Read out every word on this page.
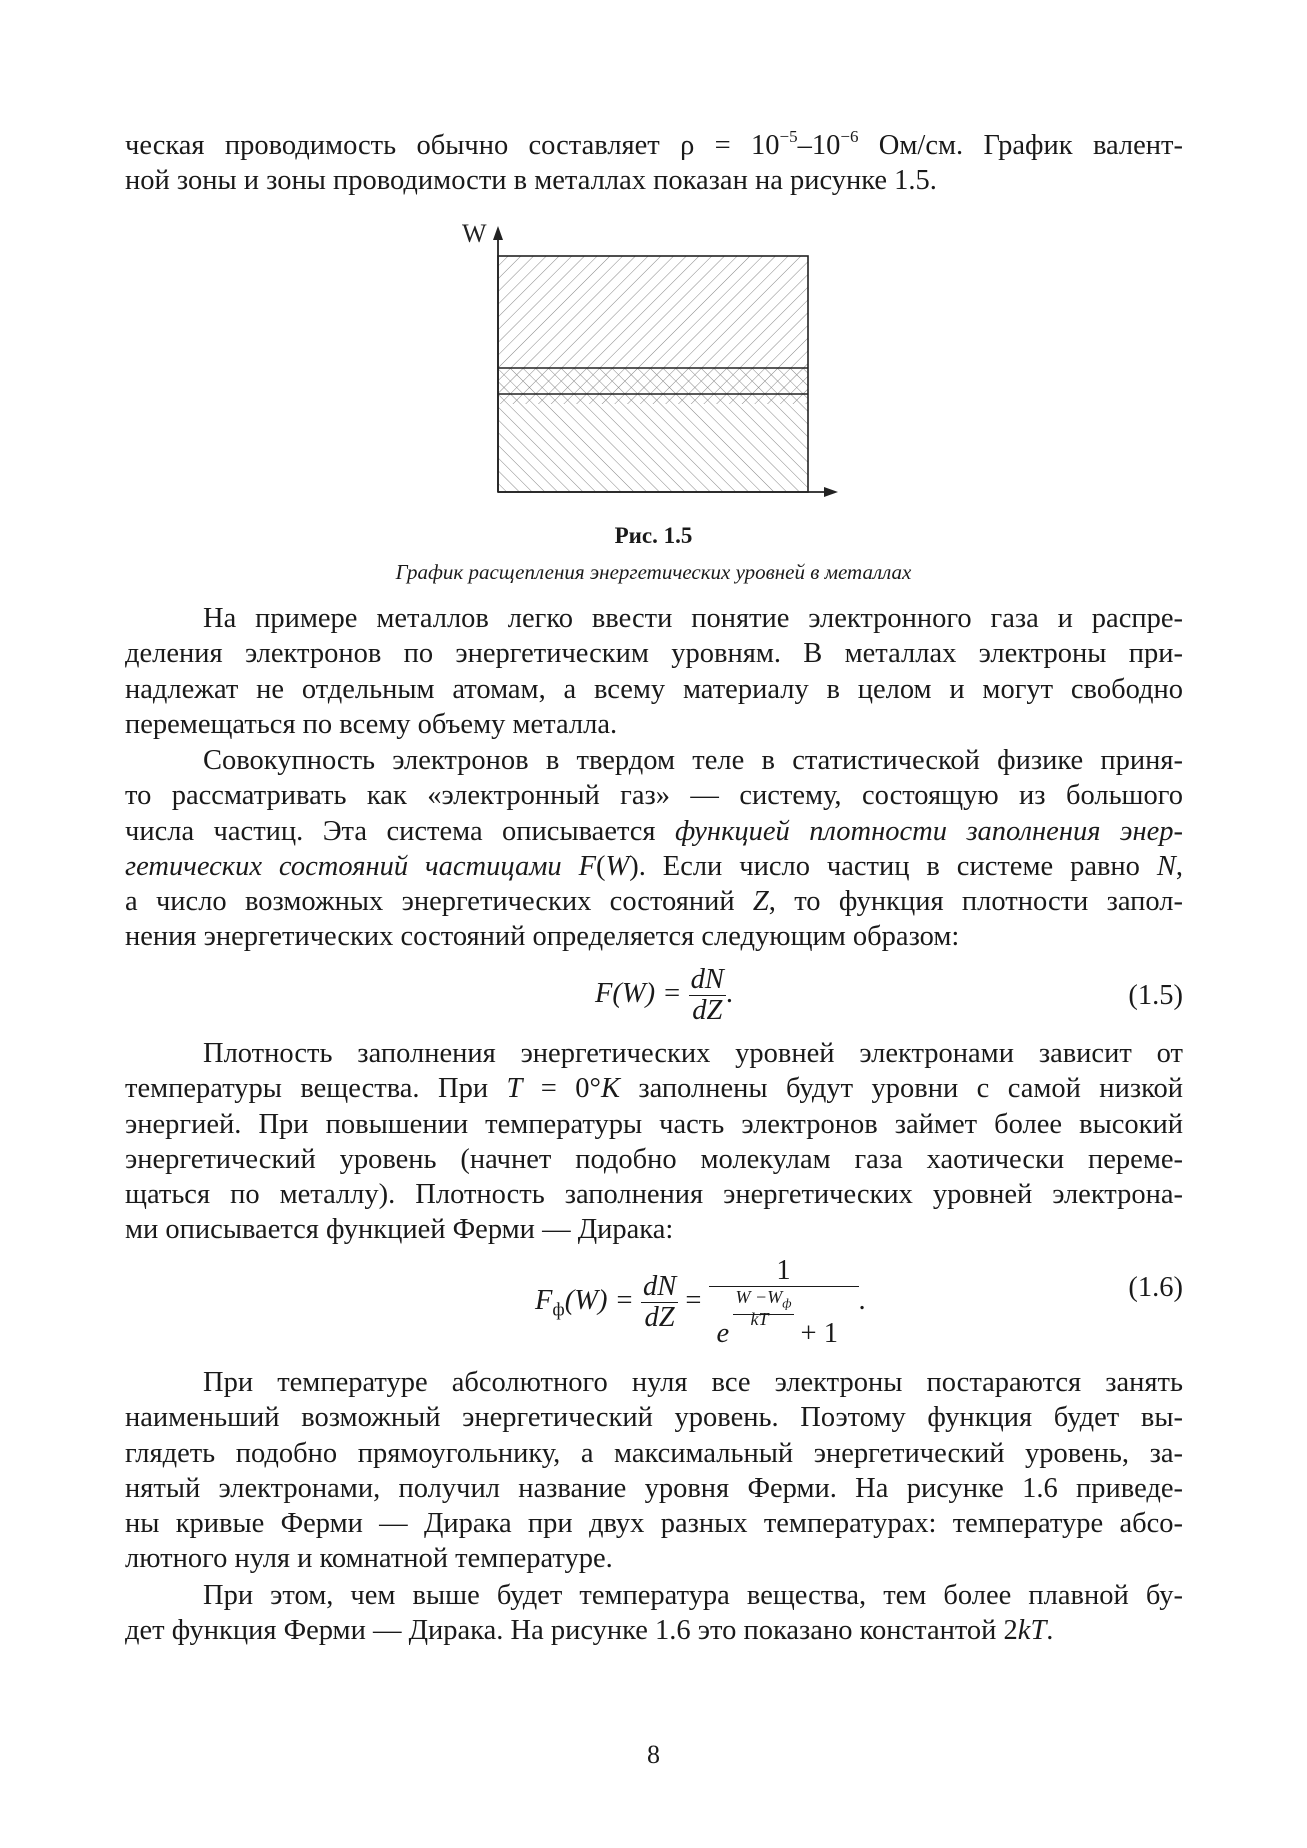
ческая проводимость обычно составляет $\rho = 10^{-5}-10^{-6}$ Ом/см. График валент-
ной зоны и зоны проводимости в металлах показан на рисунке 1.5.
W
Рис. 1.5
График расщепления энергетических уровней в металлах
На примере металлов легко ввести понятие электронного газа и распре-
деления электронов по энергетическим уровням. В металлах электроны при-
надлежат не отдельным атомам, а всему материалу в целом и могут свободно
перемещаться по всему объему металла.
Совокупность электронов в твердом теле в статистической физике приня-
то рассматривать как «электронный газ» — систему, состоящую из большого
числа частиц. Эта система описывается функцией плотности заполнения энер-
гетических состояний частицами F(W). Если число частиц в системе равно N,
а число возможных энергетических состояний Z, то функция плотности запол-
нения энергетических состояний определяется следующим образом:
$F(W) = \frac{dN}{dZ}$ .	(1.5)
Плотность заполнения энергетических уровней электронами зависит от
температуры вещества. При T = 0°K заполнены будут уровни с самой низкой
энергией. При повышении температуры часть электронов займет более высокий
энергетический уровень (начнет подобно молекулам газа хаотически переме-
щаться по металлу). Плотность заполнения энергетических уровней электрона-
ми описывается функцией Ферми — Дирака:
$F_ф(W) = \frac{dN}{dZ} = 1$
e
$W -W_ф$
kT + 1 .	(1.6)
При температуре абсолютного нуля все электроны постараются занять
наименьший возможный энергетический уровень. Поэтому функция будет вы-
глядеть подобно прямоугольнику, а максимальный энергетический уровень, за-
нятый электронами, получил название уровня Ферми. На рисунке 1.6 приведе-
ны кривые Ферми — Дирака при двух разных температурах: температуре абсо-
лютного нуля и комнатной температуре.
При этом, чем выше будет температура вещества, тем более плавной бу-
дет функция Ферми — Дирака. На рисунке 1.6 это показано константой 2kT.
8
